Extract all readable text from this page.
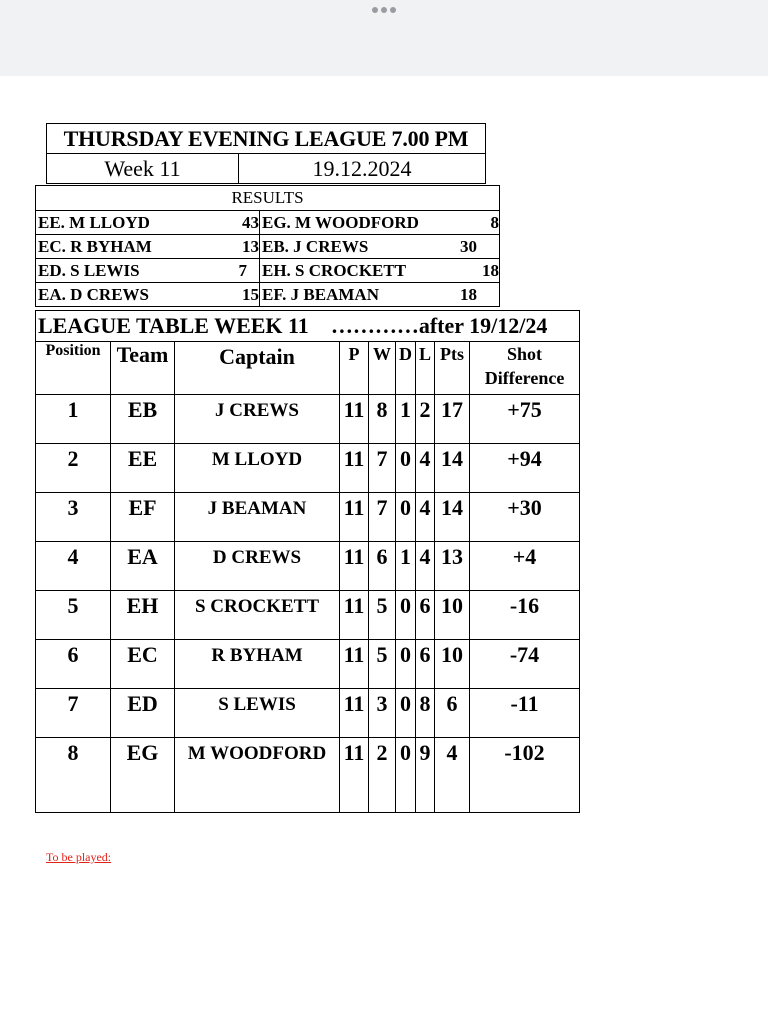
THURSDAY EVENING LEAGUE 7.00 PM
Week 11	19.12.2024
RESULTS	

EE. M LLOYD 43	EG. M WOODFORD 8

EC. R BYHAM 13	EB. J CREWS 30

ED. S LEWIS 7	EH. S CROCKETT 18

EA. D CREWS 15	EF. J BEAMAN 18
LEAGUE TABLE WEEK 11 …………after 19/12/24								
Position	Team	Captain	P	W	D	L	Pts	Shot
Difference
1	EB	J CREWS	11	8	1	2	17	+75
2	EE	M LLOYD	11	7	0	4	14	+94
3	EF	J BEAMAN	11	7	0	4	14	+30
4	EA	D CREWS	11	6	1	4	13	+4
5	EH	S CROCKETT	11	5	0	6	10	-16
6	EC	R BYHAM	11	5	0	6	10	-74
7	ED	S LEWIS	11	3	0	8	6	-11
8	EG	M WOODFORD	11	2	0	9	4	-102
To be played:
